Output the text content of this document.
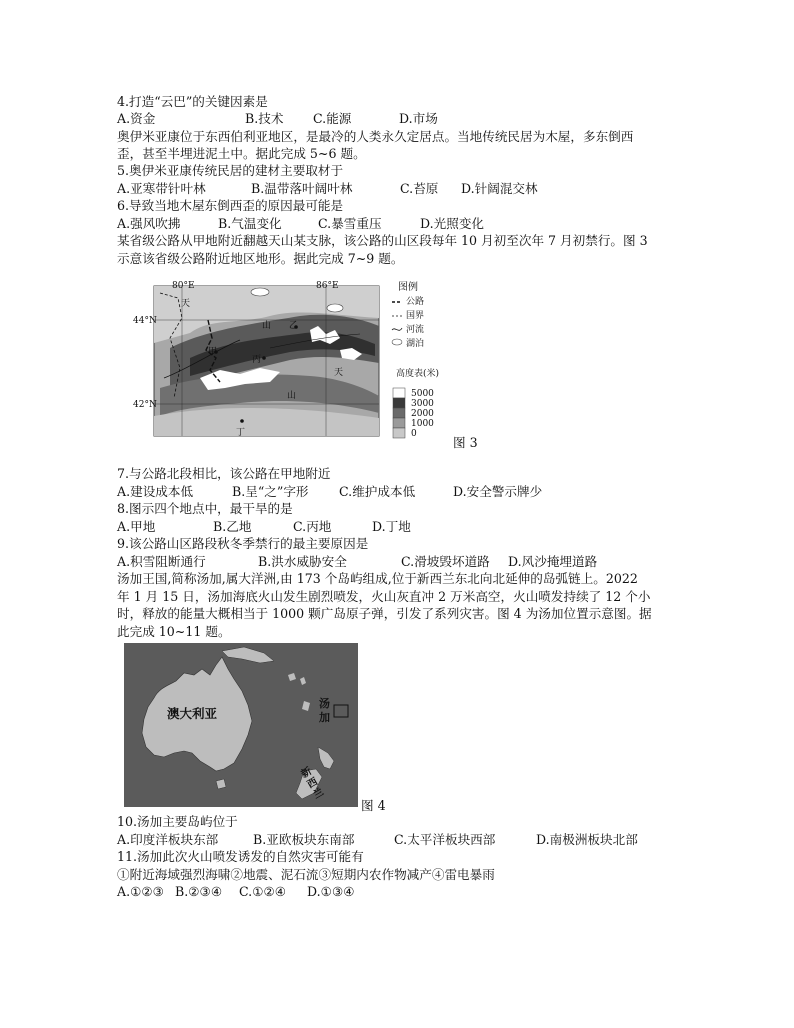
4.打造“云巴”的关键因素是
A.资金	B.技术 C.能源	D.市场
奥伊米亚康位于东西伯利亚地区，是最冷的人类永久定居点。当地传统民居为木屋，多东倒西
歪，甚至半埋进泥土中。据此完成 5~6 题。
5.奥伊米亚康传统民居的建材主要取材于
A.亚寒带针叶林	B.温带落叶阔叶林	C.苔原 D.针阔混交林
6.导致当地木屋东倒西歪的原因最可能是
A.强风吹拂	B.气温变化	C.暴雪重压	D.光照变化
某省级公路从甲地附近翻越天山某支脉，该公路的山区段每年 10 月初至次年 7 月初禁行。图 3
示意该省级公路附近地区地形。据此完成 7~9 题。
80°E	86°E
44°N
42°N
甲
乙
丙
丁
天
山
天
山
图例
公路
国界
河流
湖泊
高度表(米)
5000
3000
2000
1000
0
图 3
7.与公路北段相比，该公路在甲地附近
A.建设成本低	B.呈“之”字形 C.维护成本低	D.安全警示牌少
8.图示四个地点中，最干旱的是
A.甲地	B.乙地	C.丙地	D.丁地
9.该公路山区路段秋冬季禁行的最主要原因是
A.积雪阻断通行	B.洪水威胁安全	C.滑坡毁坏道路 D.风沙掩埋道路
汤加王国,简称汤加,属大洋洲,由 173 个岛屿组成,位于新西兰东北向北延伸的岛弧链上。2022
年 1 月 15 日，汤加海底火山发生剧烈喷发，火山灰直冲 2 万米高空，火山喷发持续了 12 个小
时，释放的能量大概相当于 1000 颗广岛原子弹，引发了系列灾害。图 4 为汤加位置示意图。据
此完成 10~11 题。
澳大利亚
汤
加
新
西
兰
图 4
10.汤加主要岛屿位于
A.印度洋板块东部	B.亚欧板块东南部	C.太平洋板块西部	D.南极洲板块北部
11.汤加此次火山喷发诱发的自然灾害可能有
①附近海域强烈海啸②地震、泥石流③短期内农作物减产④雷电暴雨
A.①②③ B.②③④ C.①②④ D.①③④
